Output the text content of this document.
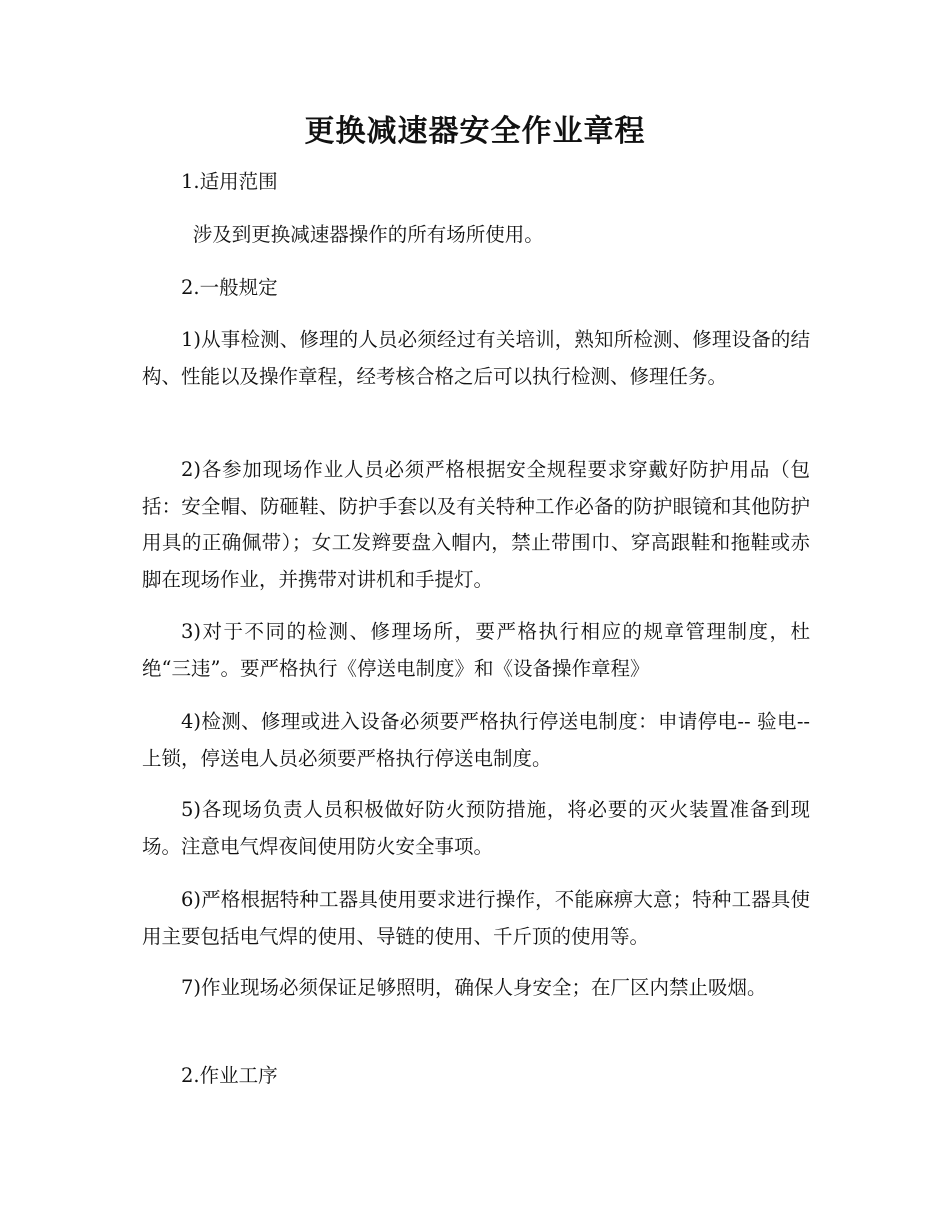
更换减速器安全作业章程
1.适用范围
涉及到更换减速器操作的所有场所使用。
2.一般规定
1)从事检测、修理的人员必须经过有关培训，熟知所检测、修理设备的结构、性能以及操作章程，经考核合格之后可以执行检测、修理任务。
2)各参加现场作业人员必须严格根据安全规程要求穿戴好防护用品（包括：安全帽、防砸鞋、防护手套以及有关特种工作必备的防护眼镜和其他防护用具的正确佩带）；女工发辫要盘入帽内，禁止带围巾、穿高跟鞋和拖鞋或赤脚在现场作业，并携带对讲机和手提灯。
3)对于不同的检测、修理场所，要严格执行相应的规章管理制度，杜绝“三违”。要严格执行《停送电制度》和《设备操作章程》
4)检测、修理或进入设备必须要严格执行停送电制度：申请停电-- 验电--上锁，停送电人员必须要严格执行停送电制度。
5)各现场负责人员积极做好防火预防措施，将必要的灭火装置准备到现场。注意电气焊夜间使用防火安全事项。
6)严格根据特种工器具使用要求进行操作，不能麻痹大意；特种工器具使用主要包括电气焊的使用、导链的使用、千斤顶的使用等。
7)作业现场必须保证足够照明，确保人身安全；在厂区内禁止吸烟。
2.作业工序
